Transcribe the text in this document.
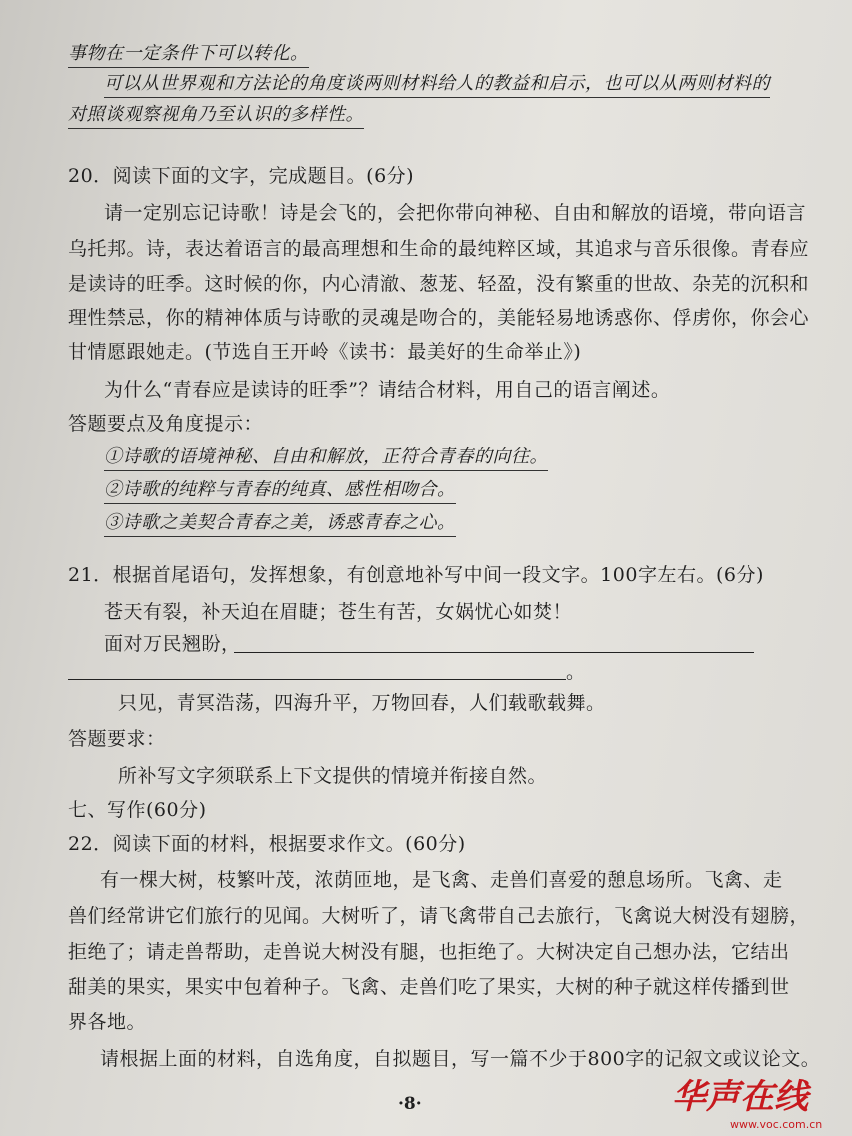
事物在一定条件下可以转化。
可以从世界观和方法论的角度谈两则材料给人的教益和启示，也可以从两则材料的
对照谈观察视角乃至认识的多样性。
20．阅读下面的文字，完成题目。(6分)
请一定别忘记诗歌！诗是会飞的，会把你带向神秘、自由和解放的语境，带向语言
乌托邦。诗，表达着语言的最高理想和生命的最纯粹区域，其追求与音乐很像。青春应
是读诗的旺季。这时候的你，内心清澈、葱茏、轻盈，没有繁重的世故、杂芜的沉积和
理性禁忌，你的精神体质与诗歌的灵魂是吻合的，美能轻易地诱惑你、俘虏你，你会心
甘情愿跟她走。(节选自王开岭《读书：最美好的生命举止》)
为什么“青春应是读诗的旺季”？请结合材料，用自己的语言阐述。
答题要点及角度提示：
①诗歌的语境神秘、自由和解放，正符合青春的向往。
②诗歌的纯粹与青春的纯真、感性相吻合。
③诗歌之美契合青春之美，诱惑青春之心。
21．根据首尾语句，发挥想象，有创意地补写中间一段文字。100字左右。(6分)
苍天有裂，补天迫在眉睫；苍生有苦，女娲忧心如焚！
面对万民翘盼，
。
只见，青冥浩荡，四海升平，万物回春，人们载歌载舞。
答题要求：
所补写文字须联系上下文提供的情境并衔接自然。
七、写作(60分)
22．阅读下面的材料，根据要求作文。(60分)
有一棵大树，枝繁叶茂，浓荫匝地，是飞禽、走兽们喜爱的憩息场所。飞禽、走
兽们经常讲它们旅行的见闻。大树听了，请飞禽带自己去旅行，飞禽说大树没有翅膀，
拒绝了；请走兽帮助，走兽说大树没有腿，也拒绝了。大树决定自己想办法，它结出
甜美的果实，果实中包着种子。飞禽、走兽们吃了果实，大树的种子就这样传播到世
界各地。
请根据上面的材料，自选角度，自拟题目，写一篇不少于800字的记叙文或议论文。
·8·	华声在线
www.voc.com.cn
